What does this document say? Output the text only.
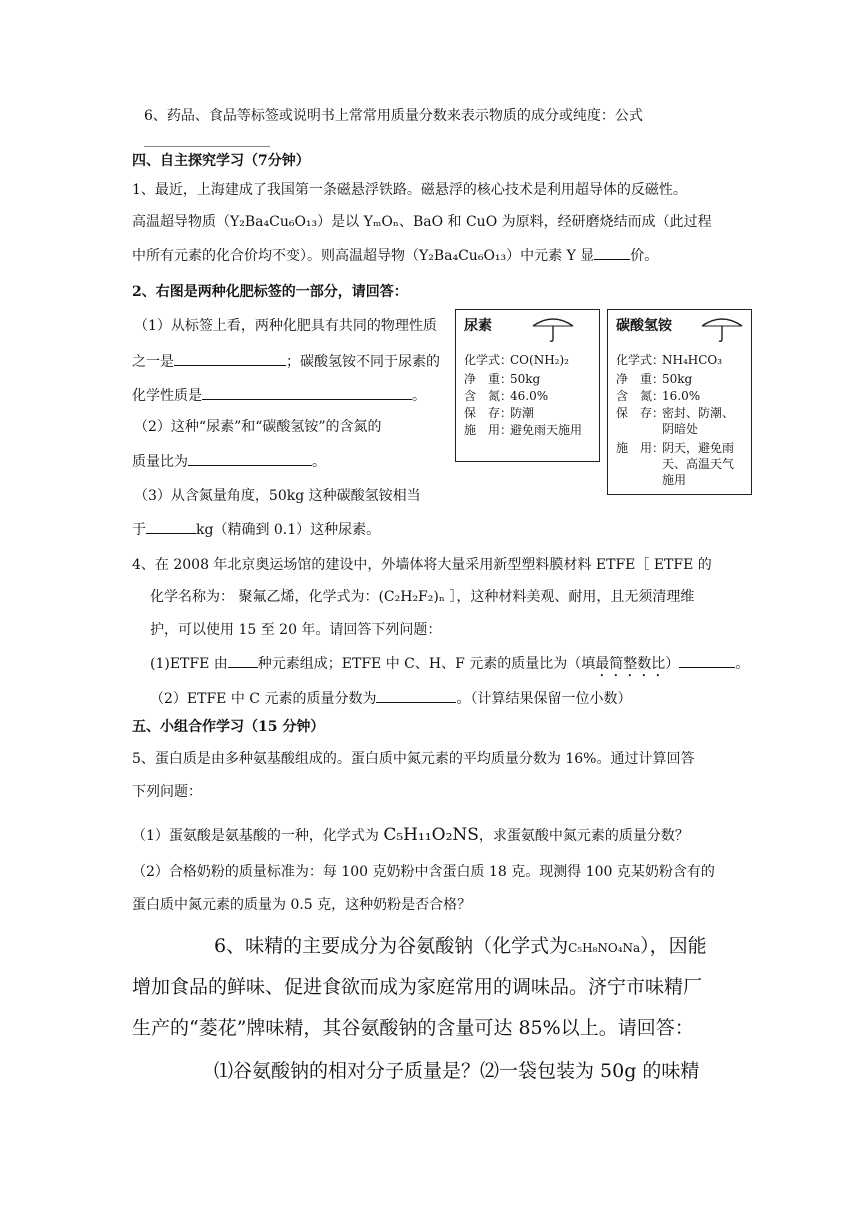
6、药品、食品等标签或说明书上常常用质量分数来表示物质的成分或纯度：公式
四、自主探究学习（7分钟）
1、最近，上海建成了我国第一条磁悬浮铁路。磁悬浮的核心技术是利用超导体的反磁性。
高温超导物质（Y₂Ba₄Cu₆O₁₃）是以 YₘOₙ、BaO 和 CuO 为原料，经研磨烧结而成（此过程
中所有元素的化合价均不变）。则高温超导物（Y₂Ba₄Cu₆O₁₃）中元素 Y 显	价。
2、右图是两种化肥标签的一部分，请回答：
（1）从标签上看，两种化肥具有共同的物理性质
之一是	；碳酸氢铵不同于尿素的
化学性质是	。
（2）这种“尿素”和“碳酸氢铵”的含氮的
质量比为	。
（3）从含氮量角度，50kg 这种碳酸氢铵相当
于	kg（精确到 0.1）这种尿素。
尿素
化学式：CO(NH₂)₂
净　重：50kg
含　氮：46.0%
保　存：防潮
施　用：避免雨天施用
碳酸氢铵
化学式：NH₄HCO₃
净　重：50kg
含　氮：16.0%
保　存：密封、防潮、阴暗处
施　用：阴天，避免雨天、高温天气施用
4、在 2008 年北京奥运场馆的建设中，外墙体将大量采用新型塑料膜材料 ETFE［ ETFE 的
化学名称为： 聚氟乙烯，化学式为：(C₂H₂F₂)ₙ ］，这种材料美观、耐用，且无须清理维
护，可以使用 15 至 20 年。请回答下列问题：
(1)ETFE 由 种元素组成；ETFE 中 C、H、F 元素的质量比为（填最简整数比）	。
（2）ETFE 中 C 元素的质量分数为	。（计算结果保留一位小数）
五、小组合作学习（15 分钟）
5、蛋白质是由多种氨基酸组成的。蛋白质中氮元素的平均质量分数为 16%。通过计算回答
下列问题：
（1）蛋氨酸是氨基酸的一种，化学式为 C₅H₁₁O₂NS，求蛋氨酸中氮元素的质量分数？
（2）合格奶粉的质量标准为：每 100 克奶粉中含蛋白质 18 克。现测得 100 克某奶粉含有的
蛋白质中氮元素的质量为 0.5 克，这种奶粉是否合格？
6、味精的主要成分为谷氨酸钠（化学式为C₅H₈NO₄Na），因能
增加食品的鲜味、促进食欲而成为家庭常用的调味品。济宁市味精厂
生产的“菱花”牌味精，其谷氨酸钠的含量可达 85%以上。请回答：
⑴谷氨酸钠的相对分子质量是？⑵一袋包装为 50g 的味精
